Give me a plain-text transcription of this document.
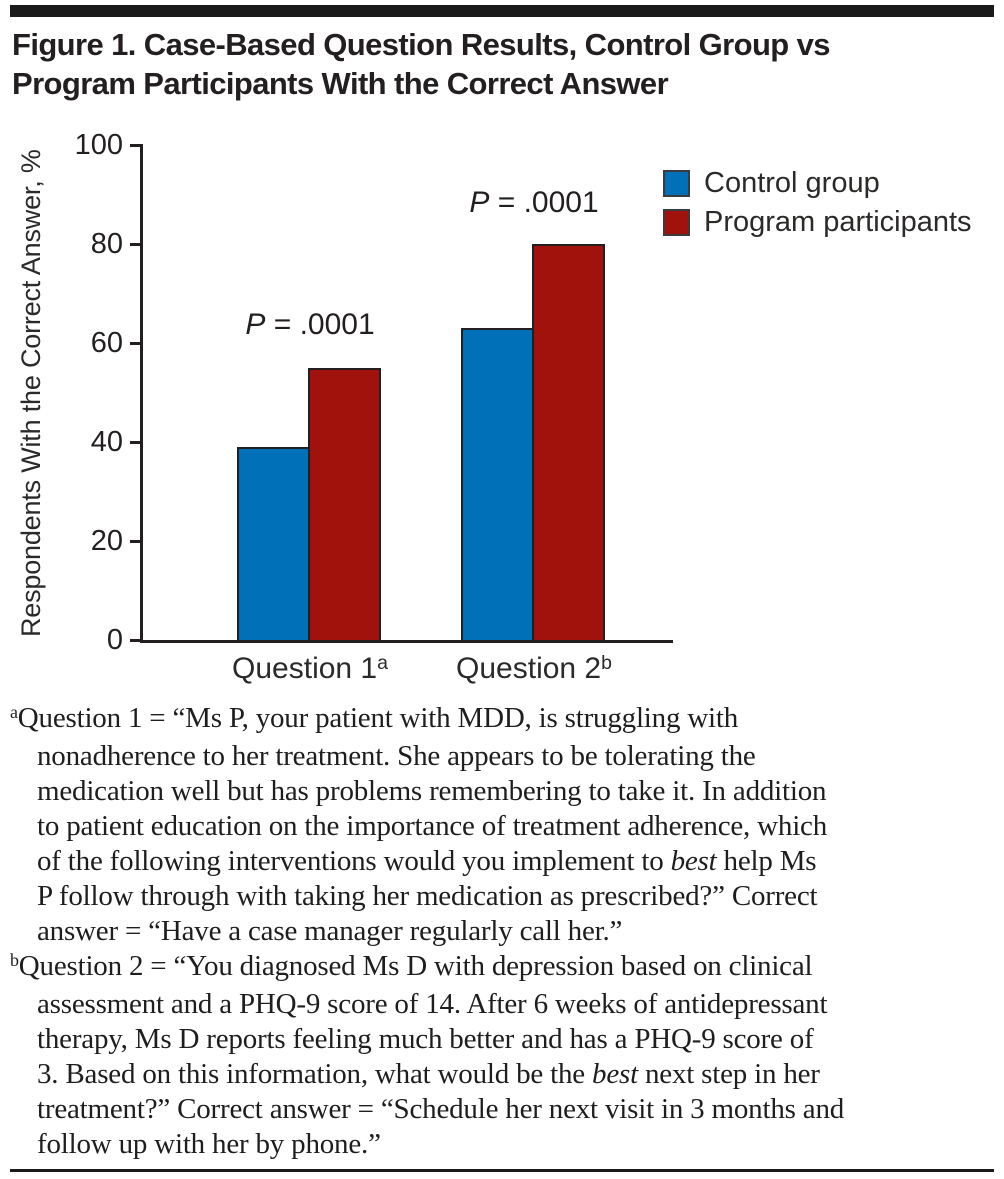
Figure 1. Case-Based Question Results, Control Group vs
Program Participants With the Correct Answer
Respondents With the Correct Answer, %
0
20
40
60
80
100
P = .0001
P = .0001
Question 1$^a$ Question 2$^b$
Control group
Program participants
$^a$Question 1 = “Ms P, your patient with MDD, is struggling with
nonadherence to her treatment. She appears to be tolerating the
medication well but has problems remembering to take it. In addition
to patient education on the importance of treatment adherence, which
of the following interventions would you implement to best help Ms
P follow through with taking her medication as prescribed?” Correct
answer = “Have a case manager regularly call her.”
$^b$Question 2 = “You diagnosed Ms D with depression based on clinical
assessment and a PHQ-9 score of 14. After 6 weeks of antidepressant
therapy, Ms D reports feeling much better and has a PHQ-9 score of
3. Based on this information, what would be the best next step in her
treatment?” Correct answer = “Schedule her next visit in 3 months and
follow up with her by phone.”
